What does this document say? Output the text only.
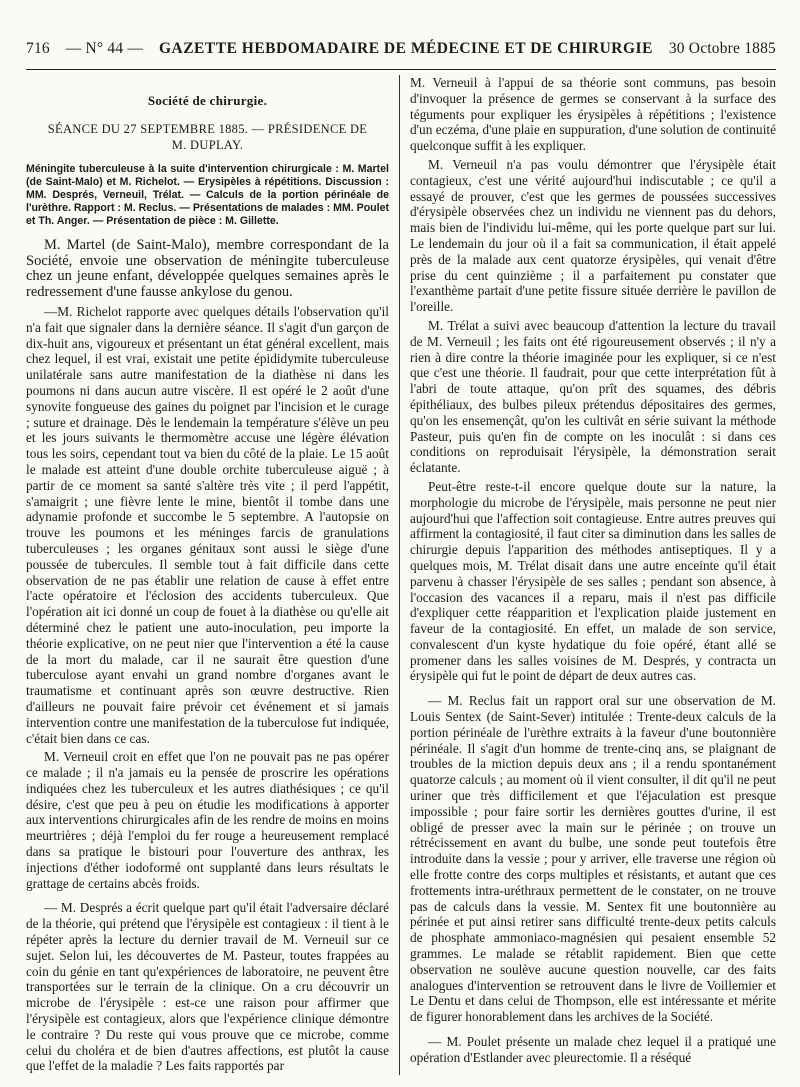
716 — N° 44 — GAZETTE HEBDOMADAIRE DE MÉDECINE ET DE CHIRURGIE 30 Octobre 1885
Société de chirurgie.
SÉANCE DU 27 SEPTEMBRE 1885. — PRÉSIDENCE DE
M. DUPLAY.
Méningite tuberculeuse à la suite d'intervention chirurgicale : M. Martel (de Saint-Malo) et M. Richelot. — Erysipèles à répétitions. Discussion : MM. Després, Verneuil, Trélat. — Calculs de la portion périnéale de l'urèthre. Rapport : M. Reclus. — Présentations de malades : MM. Poulet et Th. Anger. — Présentation de pièce : M. Gillette.

M. Martel (de Saint-Malo), membre correspondant de la Société, envoie une observation de méningite tuberculeuse chez un jeune enfant, développée quelques semaines après le redressement d'une fausse ankylose du genou.

—M. Richelot rapporte avec quelques détails l'observation qu'il n'a fait que signaler dans la dernière séance. Il s'agit d'un garçon de dix-huit ans, vigoureux et présentant un état général excellent, mais chez lequel, il est vrai, existait une petite épididymite tuberculeuse unilatérale sans autre manifestation de la diathèse ni dans les poumons ni dans aucun autre viscère. Il est opéré le 2 août d'une synovite fongueuse des gaines du poignet par l'incision et le curage ; suture et drainage. Dès le lendemain la température s'élève un peu et les jours suivants le thermomètre accuse une légère élévation tous les soirs, cependant tout va bien du côté de la plaie. Le 15 août le malade est atteint d'une double orchite tuberculeuse aiguë ; à partir de ce moment sa santé s'altère très vite ; il perd l'appétit, s'amaigrit ; une fièvre lente le mine, bientôt il tombe dans une adynamie profonde et succombe le 5 septembre. A l'autopsie on trouve les poumons et les méninges farcis de granulations tuberculeuses ; les organes génitaux sont aussi le siège d'une poussée de tubercules. Il semble tout à fait difficile dans cette observation de ne pas établir une relation de cause à effet entre l'acte opératoire et l'éclosion des accidents tuberculeux. Que l'opération ait ici donné un coup de fouet à la diathèse ou qu'elle ait déterminé chez le patient une auto-inoculation, peu importe la théorie explicative, on ne peut nier que l'intervention a été la cause de la mort du malade, car il ne saurait être question d'une tuberculose ayant envahi un grand nombre d'organes avant le traumatisme et continuant après son œuvre destructive. Rien d'ailleurs ne pouvait faire prévoir cet événement et si jamais intervention contre une manifestation de la tuberculose fut indiquée, c'était bien dans ce cas.

M. Verneuil croit en effet que l'on ne pouvait pas ne pas opérer ce malade ; il n'a jamais eu la pensée de proscrire les opérations indiquées chez les tuberculeux et les autres diathésiques ; ce qu'il désire, c'est que peu à peu on étudie les modifications à apporter aux interventions chirurgicales afin de les rendre de moins en moins meurtrières ; déjà l'emploi du fer rouge a heureusement remplacé dans sa pratique le bistouri pour l'ouverture des anthrax, les injections d'éther iodoformé ont supplanté dans leurs résultats le grattage de certains abcès froids.

— M. Després a écrit quelque part qu'il était l'adversaire déclaré de la théorie, qui prétend que l'érysipèle est contagieux : il tient à le répéter après la lecture du dernier travail de M. Verneuil sur ce sujet. Selon lui, les découvertes de M. Pasteur, toutes frappées au coin du génie en tant qu'expériences de laboratoire, ne peuvent être transportées sur le terrain de la clinique. On a cru découvrir un microbe de l'érysipèle : est-ce une raison pour affirmer que l'érysipèle est contagieux, alors que l'expérience clinique démontre le contraire ? Du reste qui vous prouve que ce microbe, comme celui du choléra et de bien d'autres affections, est plutôt la cause que l'effet de la maladie ? Les faits rapportés par

M. Verneuil à l'appui de sa théorie sont communs, pas besoin d'invoquer la présence de germes se conservant à la surface des téguments pour expliquer les érysipèles à répétitions ; l'existence d'un eczéma, d'une plaie en suppuration, d'une solution de continuité quelconque suffit à les expliquer.

M. Verneuil n'a pas voulu démontrer que l'érysipèle était contagieux, c'est une vérité aujourd'hui indiscutable ; ce qu'il a essayé de prouver, c'est que les germes de poussées successives d'érysipèle observées chez un individu ne viennent pas du dehors, mais bien de l'individu lui-même, qui les porte quelque part sur lui. Le lendemain du jour où il a fait sa communication, il était appelé près de la malade aux cent quatorze érysipèles, qui venait d'être prise du cent quinzième ; il a parfaitement pu constater que l'exanthème partait d'une petite fissure située derrière le pavillon de l'oreille.

M. Trélat a suivi avec beaucoup d'attention la lecture du travail de M. Verneuil ; les faits ont été rigoureusement observés ; il n'y a rien à dire contre la théorie imaginée pour les expliquer, si ce n'est que c'est une théorie. Il faudrait, pour que cette interprétation fût à l'abri de toute attaque, qu'on prît des squames, des débris épithéliaux, des bulbes pileux prétendus dépositaires des germes, qu'on les ensemençât, qu'on les cultivât en série suivant la méthode Pasteur, puis qu'en fin de compte on les inoculât : si dans ces conditions on reproduisait l'érysipèle, la démonstration serait éclatante.

Peut-être reste-t-il encore quelque doute sur la nature, la morphologie du microbe de l'érysipèle, mais personne ne peut nier aujourd'hui que l'affection soit contagieuse. Entre autres preuves qui affirment la contagiosité, il faut citer sa diminution dans les salles de chirurgie depuis l'apparition des méthodes antiseptiques. Il y a quelques mois, M. Trélat disait dans une autre enceinte qu'il était parvenu à chasser l'érysipèle de ses salles ; pendant son absence, à l'occasion des vacances il a reparu, mais il n'est pas difficile d'expliquer cette réapparition et l'explication plaide justement en faveur de la contagiosité. En effet, un malade de son service, convalescent d'un kyste hydatique du foie opéré, étant allé se promener dans les salles voisines de M. Després, y contracta un érysipèle qui fut le point de départ de deux autres cas.

— M. Reclus fait un rapport oral sur une observation de M. Louis Sentex (de Saint-Sever) intitulée : Trente-deux calculs de la portion périnéale de l'urèthre extraits à la faveur d'une boutonnière périnéale. Il s'agit d'un homme de trente-cinq ans, se plaignant de troubles de la miction depuis deux ans ; il a rendu spontanément quatorze calculs ; au moment où il vient consulter, il dit qu'il ne peut uriner que très difficilement et que l'éjaculation est presque impossible ; pour faire sortir les dernières gouttes d'urine, il est obligé de presser avec la main sur le périnée ; on trouve un rétrécissement en avant du bulbe, une sonde peut toutefois être introduite dans la vessie ; pour y arriver, elle traverse une région où elle frotte contre des corps multiples et résistants, et autant que ces frottements intra-uréthraux permettent de le constater, on ne trouve pas de calculs dans la vessie. M. Sentex fit une boutonnière au périnée et put ainsi retirer sans difficulté trente-deux petits calculs de phosphate ammoniaco-magnésien qui pesaient ensemble 52 grammes. Le malade se rétablit rapidement. Bien que cette observation ne soulève aucune question nouvelle, car des faits analogues d'intervention se retrouvent dans le livre de Voillemier et Le Dentu et dans celui de Thompson, elle est intéressante et mérite de figurer honorablement dans les archives de la Société.

— M. Poulet présente un malade chez lequel il a pratiqué une opération d'Estlander avec pleurectomie. Il a réséqué
